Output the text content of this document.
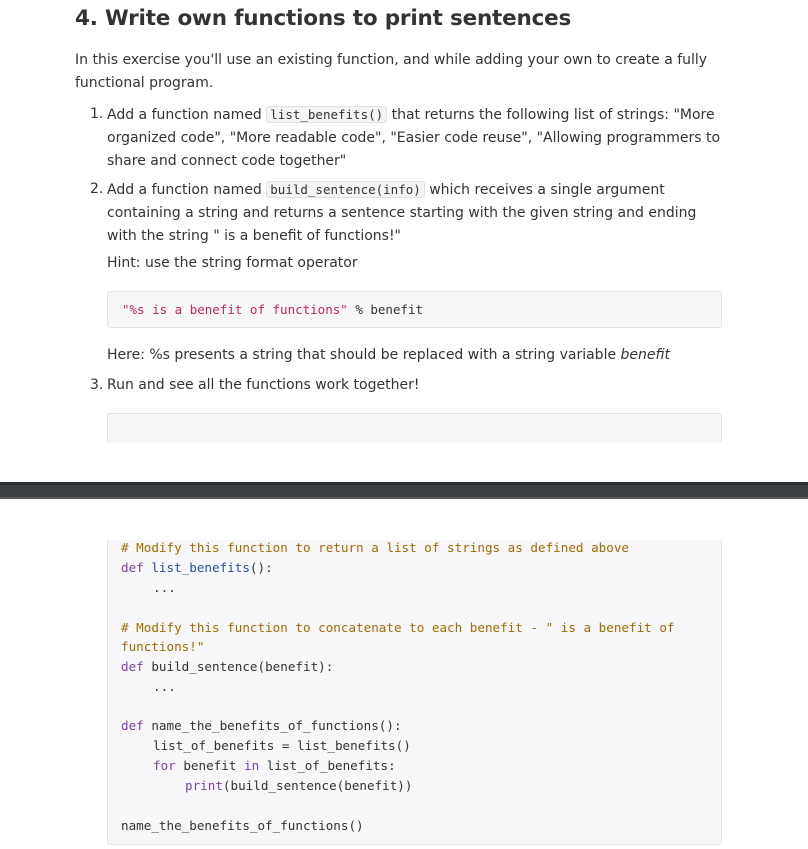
4. Write own functions to print sentences

In this exercise you'll use an existing function, and while adding your own to create a fully functional program.

1. Add a function named list_benefits() that returns the following list of strings: "More organized code", "More readable code", "Easier code reuse", "Allowing programmers to share and connect code together"
2. Add a function named build_sentence(info) which receives a single argument containing a string and returns a sentence starting with the given string and ending with the string " is a benefit of functions!"
Hint: use the string format operator
"%s is a benefit of functions" % benefit
Here: %s presents a string that should be replaced with a string variable benefit
3. Run and see all the functions work together!
# Modify this function to return a list of strings as defined above
def list_benefits():
...
# Modify this function to concatenate to each benefit - " is a benefit of
functions!"
def build_sentence(benefit):
...
def name_the_benefits_of_functions():
list_of_benefits = list_benefits()
for benefit in list_of_benefits:
print(build_sentence(benefit))
name_the_benefits_of_functions()
